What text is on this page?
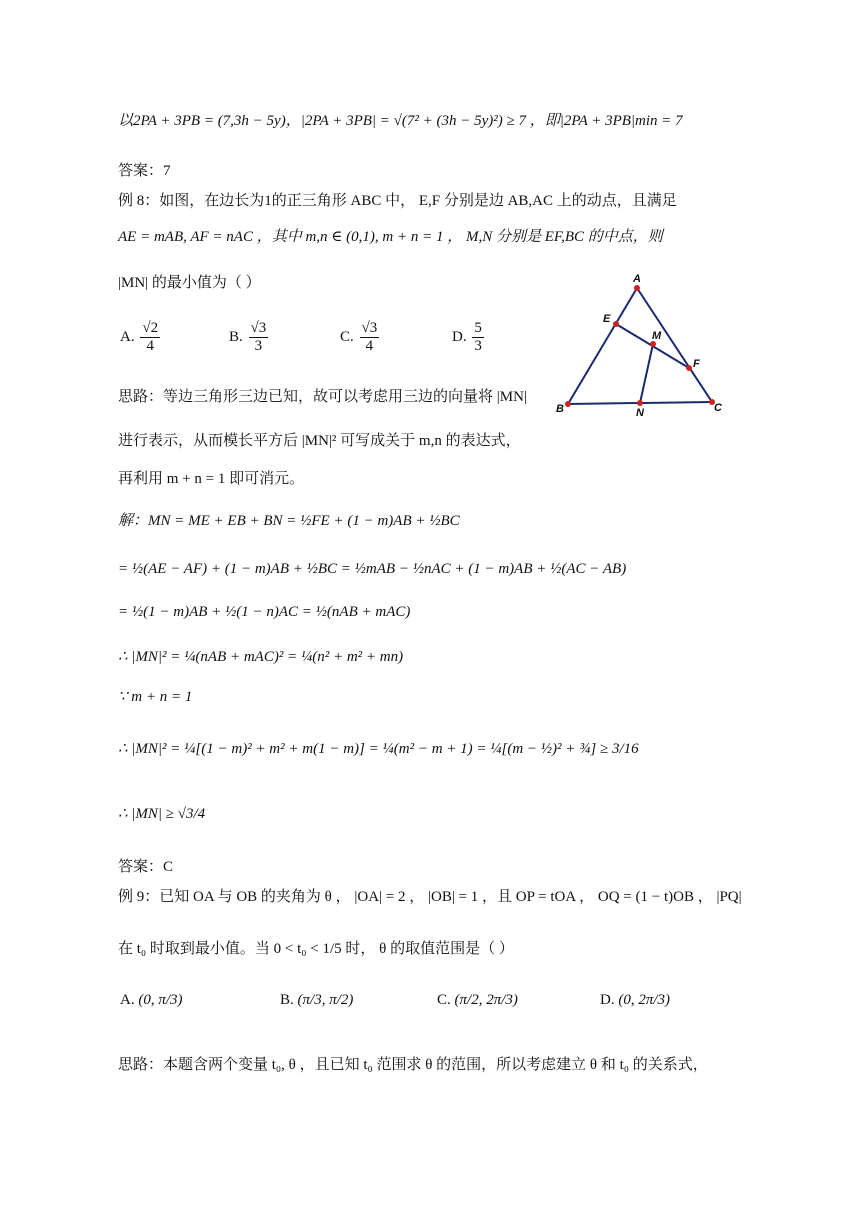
以2PA + 3PB = (7,3h − 5y)，|2PA + 3PB| = √(7² + (3h − 5y)²) ≥ 7 ，即|2PA + 3PB|min = 7
答案：7
例 8：如图，在边长为1的正三角形 ABC 中， E,F 分别是边 AB,AC 上的动点，且满足
AE = mAB, AF = nAC ，其中 m,n ∈ (0,1), m + n = 1 ， M,N 分别是 EF,BC 的中点，则
|MN| 的最小值为（ ）
A. $\frac{√2}{4}$	B. $\frac{√3}{3}$	C. $\frac{√3}{4}$	D. $\frac{5}{3}$
A
B	C
E
F
M
N
思路：等边三角形三边已知，故可以考虑用三边的向量将 |MN|
进行表示，从而模长平方后 |MN|² 可写成关于 m,n 的表达式，
再利用 m + n = 1 即可消元。
解：MN = ME + EB + BN = ½FE + (1 − m)AB + ½BC
= ½(AE − AF) + (1 − m)AB + ½BC = ½mAB − ½nAC + (1 − m)AB + ½(AC − AB)
= ½(1 − m)AB + ½(1 − n)AC = ½(nAB + mAC)
∴ |MN|² = ¼(nAB + mAC)² = ¼(n² + m² + mn)
∵ m + n = 1
∴ |MN|² = ¼[(1 − m)² + m² + m(1 − m)] = ¼(m² − m + 1) = ¼[(m − ½)² + ¾] ≥ 3/16
∴ |MN| ≥ √3/4
答案：C
例 9：已知 OA 与 OB 的夹角为 θ ， |OA| = 2 ， |OB| = 1 ，且 OP = tOA ， OQ = (1 − t)OB ， |PQ|
在 t₀ 时取到最小值。当 0 < t₀ < 1/5 时， θ 的取值范围是（ ）
A. (0, π/3)	B. (π/3, π/2)	C. (π/2, 2π/3)	D. (0, 2π/3)
思路：本题含两个变量 t₀, θ ，且已知 t₀ 范围求 θ 的范围，所以考虑建立 θ 和 t₀ 的关系式，
